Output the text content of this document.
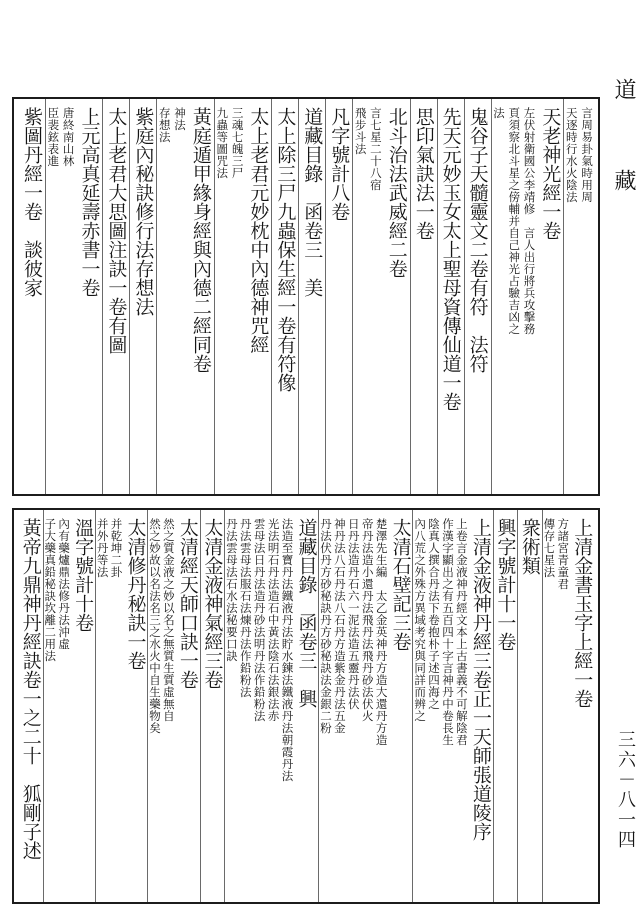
道 藏
言周易卦氣時用周
天逐時行水火陰法
天老神光經一卷
左伏射衛國公李靖修　言人出行將兵攻擊務
頁須察北斗星之傍輔并自己神光占驗吉凶之
法
鬼谷子天髓靈文二卷有符　法符
先天元妙玉女太上聖母資傳仙道一卷
思印氣訣法一卷
北斗治法武威經二卷
言七星二十八宿
飛步斗法
凡字號計八卷
道藏目錄　函卷三　美
太上除三尸九蟲保生經一卷有符像
太上老君元妙枕中內德神咒經
三魂七魄三尸
九蟲等圖咒法
黃庭遁甲緣身經與內德二經同卷
神法
存想法
紫庭內秘訣修行法存想法
太上老君大思圖注訣一卷有圖
上元高真延壽赤書一卷
唐終南山林
臣裴鉉表進
紫圖丹經一卷　談彼家
上清金書玉字上經一卷
方諸宮青童君
傳存七星法
衆術類
興字號計十一卷
上清金液神丹經三卷正一天師張道陵序
上卷言金液神丹經文本上古書義不可解陰君
作漢字顯出之有五百四十字言神丹中卷長生
陰真人撰合丹法下卷抱朴子述四海之
內八荒之外殊方異域考究與同詳而辨之
太清石壁記三卷
楚澤先生編　太乙金英神丹方造大還丹方造
帝丹法造小還丹法飛丹法飛丹砂法伏火
日丹法造丹石六一泥法造五靈丹法伏
神丹法八石丹法八石丹方造紫金丹法五金
丹法伏丹方砂秘訣丹方砂秘訣法金銀二粉
道藏目錄　函卷三　興
法造至寶丹法鐵液丹法貯水鍊法鐵液丹法朝霞丹法
光法明石丹法造石中黃法陰石法銀法赤
雲母法日丹法造丹砂法明丹法作鉛粉法
丹法雲母法服石法煉丹法作鉛粉法
丹法雲母法石水法秘要口訣
太清金液神氣經三卷
太清經天師口訣一卷
然之質金液之妙以名之無質生質虛無自
然之妙故以名法名三之水火中自生藥物矣
太清修丹秘訣一卷
并乾坤二卦
并外丹等法
溫字號計十卷
內有藥爐鼎法修丹法沖虛
子大藥真鉛秘訣坎離二用法
黃帝九鼎神丹經訣卷一之二十　狐剛子述	三六－八一四
